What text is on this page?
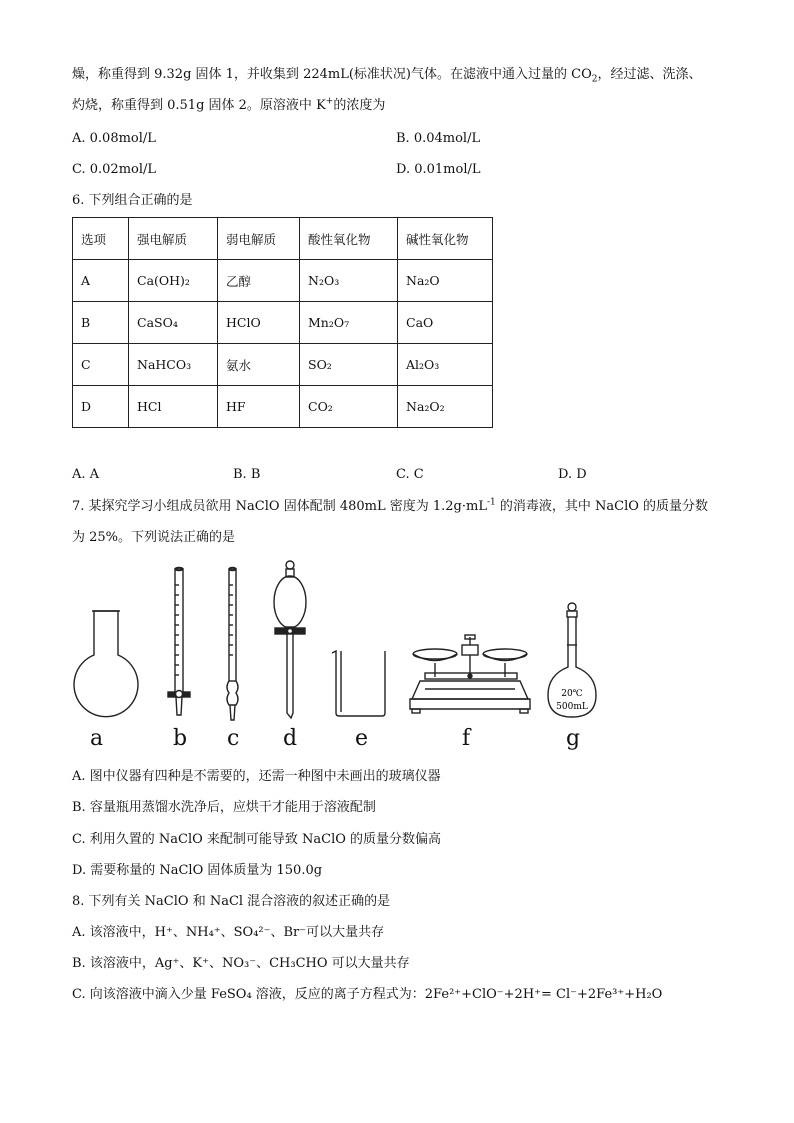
燥，称重得到 9.32g 固体 1，并收集到 224mL(标准状况)气体。在滤液中通入过量的 $CO_2$，经过滤、洗涤、
灼烧，称重得到 0.51g 固体 2。原溶液中 K+的浓度为
A. 0.08mol/L	B. 0.04mol/L
C. 0.02mol/L	D. 0.01mol/L
6. 下列组合正确的是
选项	强电解质	弱电解质	酸性氧化物	碱性氧化物
A	Ca(OH)₂	乙醇	N₂O₃	Na₂O
B	CaSO₄	HClO	Mn₂O₇	CaO
C	NaHCO₃	氨水	SO₂	Al₂O₃
D	HCl	HF	CO₂	Na₂O₂
A. A	B. B	C. C	D. D
7. 某探究学习小组成员欲用 NaClO 固体配制 480mL 密度为 $1.2g\cdot mL^{-1}$ 的消毒液，其中 NaClO 的质量分数
为 25%。下列说法正确的是
20℃
500mL
a	b c d	e	f	g
A. 图中仪器有四种是不需要的，还需一种图中未画出的玻璃仪器
B. 容量瓶用蒸馏水洗净后，应烘干才能用于溶液配制
C. 利用久置的 NaClO 来配制可能导致 NaClO 的质量分数偏高
D. 需要称量的 NaClO 固体质量为 150.0g
8. 下列有关 NaClO 和 NaCl 混合溶液的叙述正确的是
A. 该溶液中，H⁺、NH₄⁺、SO₄²⁻、Br⁻可以大量共存
B. 该溶液中，Ag⁺、K⁺、NO₃⁻、CH₃CHO 可以大量共存
C. 向该溶液中滴入少量 FeSO₄ 溶液，反应的离子方程式为：2Fe²⁺+ClO⁻+2H⁺= Cl⁻+2Fe³⁺+H₂O
